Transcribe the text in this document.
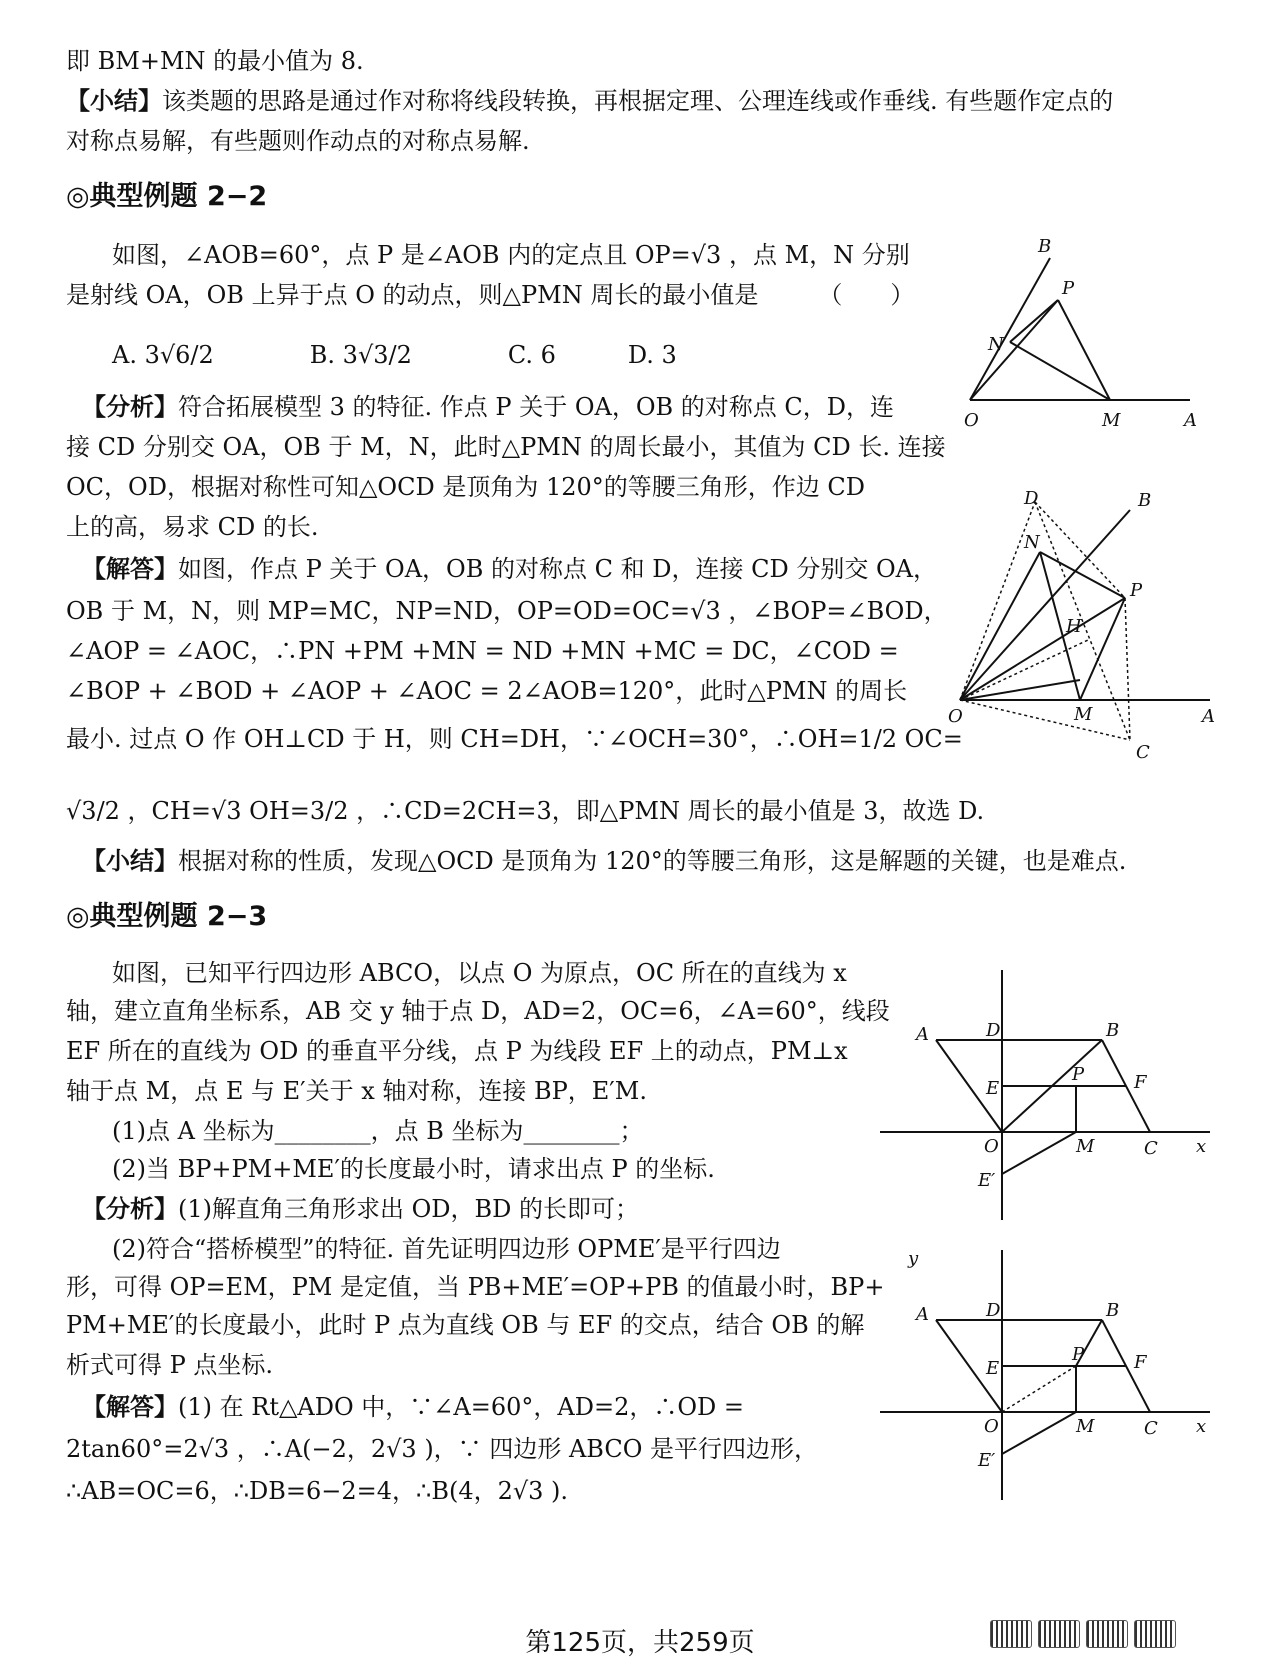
即 BM+MN 的最小值为 8.
【小结】该类题的思路是通过作对称将线段转换，再根据定理、公理连线或作垂线. 有些题作定点的
对称点易解，有些题则作动点的对称点易解.
◎典型例题 2−2
如图，∠AOB=60°，点 P 是∠AOB 内的定点且 OP=√3 ，点 M，N 分别
是射线 OA，OB 上异于点 O 的动点，则△PMN 周长的最小值是　　　（　　）
A. 3√6/2　　　　B. 3√3/2　　　　C. 6　　　D. 3
【分析】符合拓展模型 3 的特征. 作点 P 关于 OA，OB 的对称点 C，D，连
接 CD 分别交 OA，OB 于 M，N，此时△PMN 的周长最小，其值为 CD 长. 连接
OC，OD，根据对称性可知△OCD 是顶角为 120°的等腰三角形，作边 CD
上的高，易求 CD 的长.
【解答】如图，作点 P 关于 OA，OB 的对称点 C 和 D，连接 CD 分别交 OA，
OB 于 M，N，则 MP=MC，NP=ND，OP=OD=OC=√3 ，∠BOP=∠BOD，
∠AOP = ∠AOC，∴PN +PM +MN = ND +MN +MC = DC，∠COD =
∠BOP + ∠BOD + ∠AOP + ∠AOC = 2∠AOB=120°，此时△PMN 的周长
最小. 过点 O 作 OH⊥CD 于 H，则 CH=DH，∵∠OCH=30°，∴OH=1/2 OC=
√3/2 ，CH=√3 OH=3/2 ，∴CD=2CH=3，即△PMN 周长的最小值是 3，故选 D.
【小结】根据对称的性质，发现△OCD 是顶角为 120°的等腰三角形，这是解题的关键，也是难点.
◎典型例题 2−3
如图，已知平行四边形 ABCO，以点 O 为原点，OC 所在的直线为 x
轴，建立直角坐标系，AB 交 y 轴于点 D，AD=2，OC=6，∠A=60°，线段
EF 所在的直线为 OD 的垂直平分线，点 P 为线段 EF 上的动点，PM⊥x
轴于点 M，点 E 与 E′关于 x 轴对称，连接 BP，E′M.
(1)点 A 坐标为________，点 B 坐标为________；
(2)当 BP+PM+ME′的长度最小时，请求出点 P 的坐标.
【分析】(1)解直角三角形求出 OD，BD 的长即可；
(2)符合“搭桥模型”的特征. 首先证明四边形 OPME′是平行四边
形，可得 OP=EM，PM 是定值，当 PB+ME′=OP+PB 的值最小时，BP+
PM+ME′的长度最小，此时 P 点为直线 OB 与 EF 的交点，结合 OB 的解
析式可得 P 点坐标.
【解答】(1) 在 Rt△ADO 中，∵∠A=60°，AD=2，∴OD =
2tan60°=2√3 ，∴A(−2，2√3 )，∵ 四边形 ABCO 是平行四边形，
∴AB=OC=6，∴DB=6−2=4，∴B(4，2√3 ).
B
P
N
O	M	A
D	B
N
P
H
O	M	A
C
A	D	B
P	F
E
O	M	C x
E′
y
A	D	B
P	F
E
O	M	C x
E′
第125页，共259页
